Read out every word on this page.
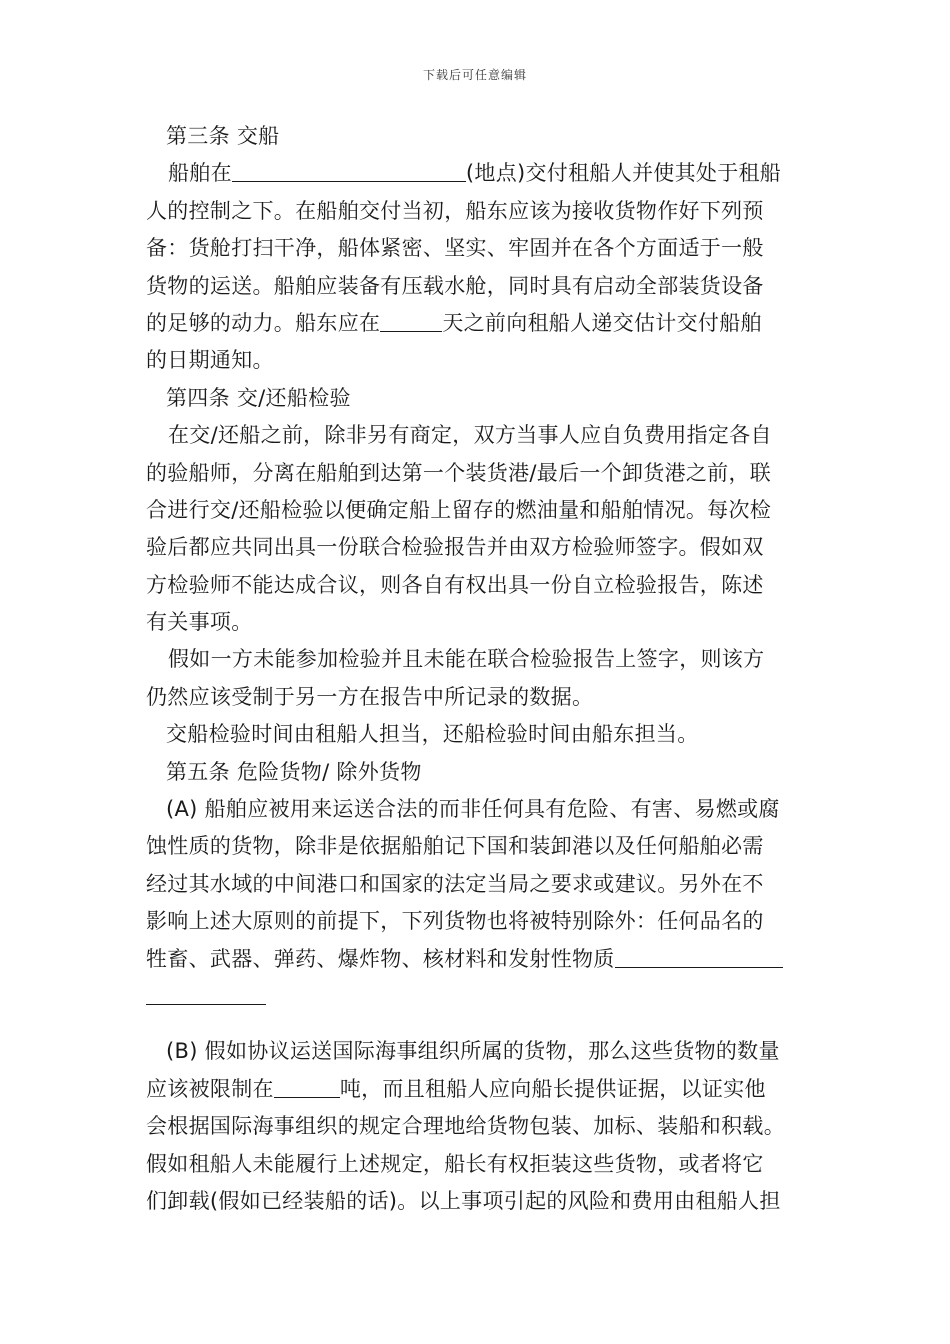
下载后可任意编辑
第三条 交船
船舶在	(地点)交付租船人并使其处于租船
人的控制之下。在船舶交付当初，船东应该为接收货物作好下列预
备：货舱打扫干净，船体紧密、坚实、牢固并在各个方面适于一般
货物的运送。船舶应装备有压载水舱，同时具有启动全部装货设备
的足够的动力。船东应在	天之前向租船人递交估计交付船舶
的日期通知。
第四条 交/还船检验
在交/还船之前，除非另有商定，双方当事人应自负费用指定各自
的验船师，分离在船舶到达第一个装货港/最后一个卸货港之前，联
合进行交/还船检验以便确定船上留存的燃油量和船舶情况。每次检
验后都应共同出具一份联合检验报告并由双方检验师签字。假如双
方检验师不能达成合议，则各自有权出具一份自立检验报告，陈述
有关事项。
假如一方未能参加检验并且未能在联合检验报告上签字，则该方
仍然应该受制于另一方在报告中所记录的数据。
交船检验时间由租船人担当，还船检验时间由船东担当。
第五条 危险货物/ 除外货物
(A) 船舶应被用来运送合法的而非任何具有危险、有害、易燃或腐
蚀性质的货物，除非是依据船舶记下国和装卸港以及任何船舶必需
经过其水域的中间港口和国家的法定当局之要求或建议。另外在不
影响上述大原则的前提下，下列货物也将被特别除外：任何品名的
牲畜、武器、弹药、爆炸物、核材料和发射性物质
(B) 假如协议运送国际海事组织所属的货物，那么这些货物的数量
应该被限制在	吨，而且租船人应向船长提供证据，以证实他
会根据国际海事组织的规定合理地给货物包装、加标、装船和积载。
假如租船人未能履行上述规定，船长有权拒装这些货物，或者将它
们卸载(假如已经装船的话)。以上事项引起的风险和费用由租船人担
